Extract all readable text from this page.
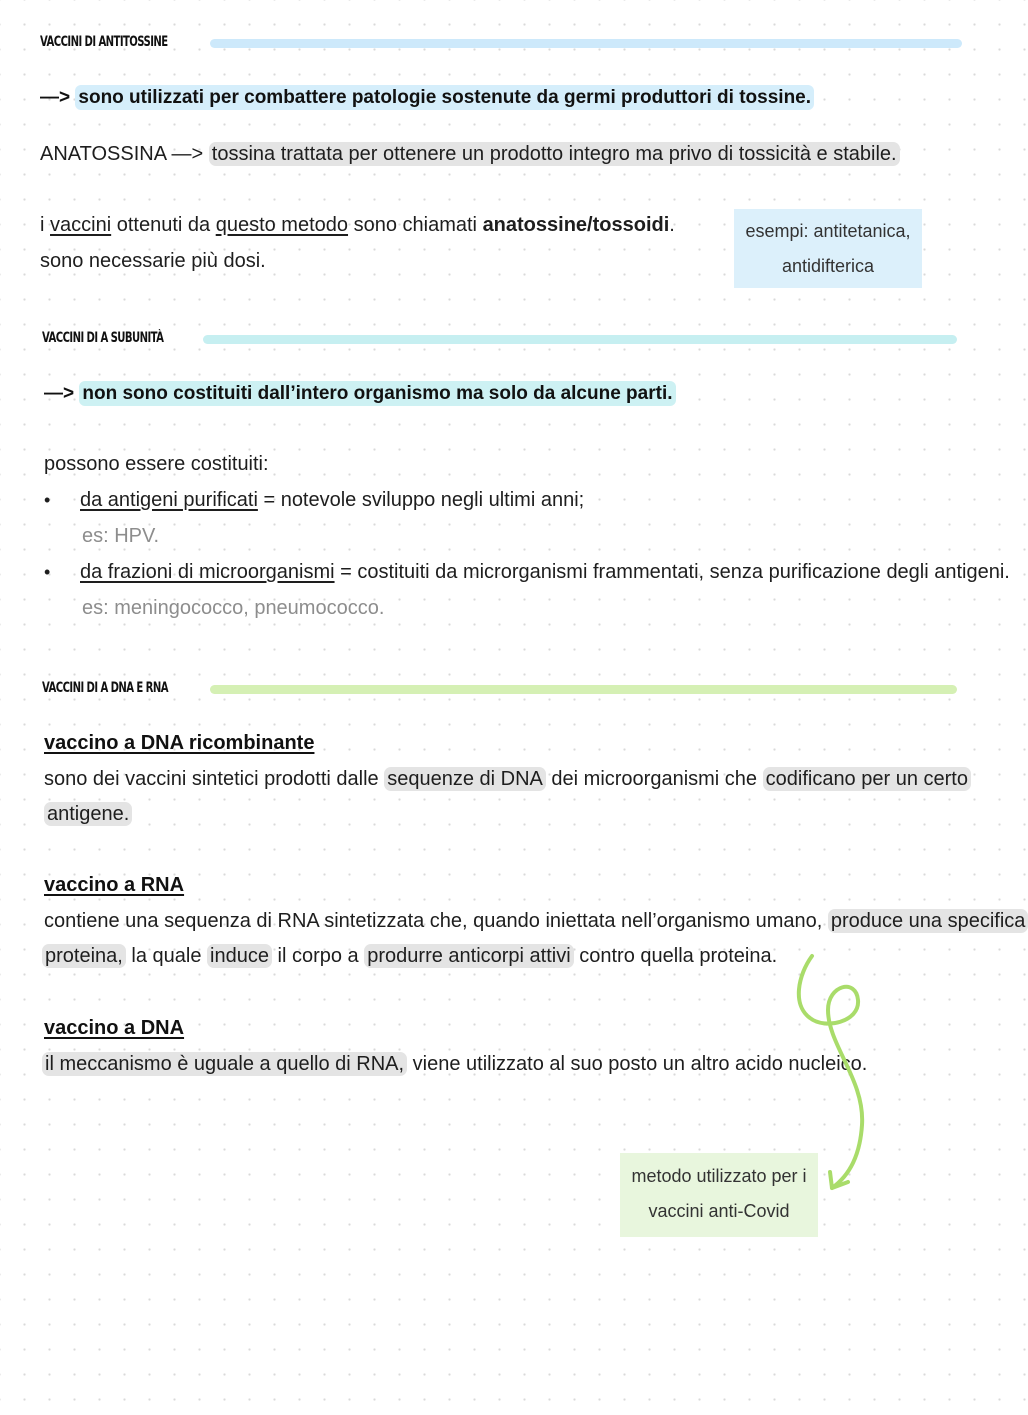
VACCINI DI ANTITOSSINE
—> sono utilizzati per combattere patologie sostenute da germi produttori di tossine.
ANATOSSINA —> tossina trattata per ottenere un prodotto integro ma privo di tossicità e stabile.
i vaccini ottenuti da questo metodo sono chiamati anatossine/tossoidi.
sono necessarie più dosi.
esempi: antitetanica,
antidifterica
VACCINI DI A SUBUNITÀ
—> non sono costituiti dall’intero organismo ma solo da alcune parti.
possono essere costituiti:
• da antigeni purificati = notevole sviluppo negli ultimi anni;
es: HPV.
• da frazioni di microorganismi = costituiti da microrganismi frammentati, senza purificazione degli antigeni.
es: meningococco, pneumococco.
VACCINI DI A DNA E RNA
vaccino a DNA ricombinante
sono dei vaccini sintetici prodotti dalle sequenze di DNA dei microorganismi che codificano per un certo
antigene.
vaccino a RNA
contiene una sequenza di RNA sintetizzata che, quando iniettata nell’organismo umano, produce una specifica
proteina, la quale induce il corpo a produrre anticorpi attivi contro quella proteina.
vaccino a DNA
il meccanismo è uguale a quello di RNA, viene utilizzato al suo posto un altro acido nucleico.
metodo utilizzato per i
vaccini anti-Covid
